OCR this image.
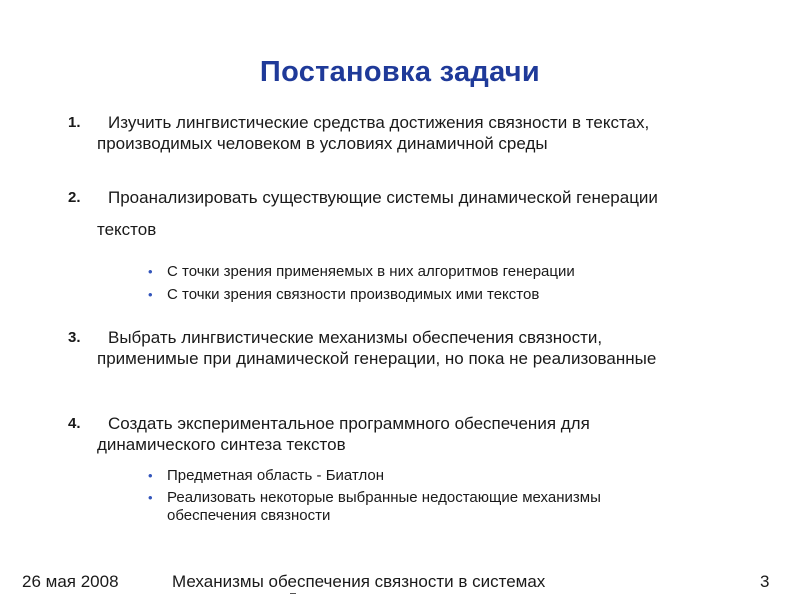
Постановка задачи
1.	Изучить лингвистические средства достижения связности в текстах,
производимых человеком в условиях динамичной среды
2.	Проанализировать существующие системы динамической генерации
текстов
• С точки зрения применяемых в них алгоритмов генерации
• С точки зрения связности производимых ими текстов
3.	Выбрать лингвистические механизмы обеспечения связности,
применимые при динамической генерации, но пока не реализованные
4.	Создать экспериментальное программного обеспечения для
динамического синтеза текстов
• Предметная область - Биатлон
• Реализовать некоторые выбранные недостающие механизмы обеспечения связности
26 мая 2008	Механизмы обеспечения связности в системах	3
